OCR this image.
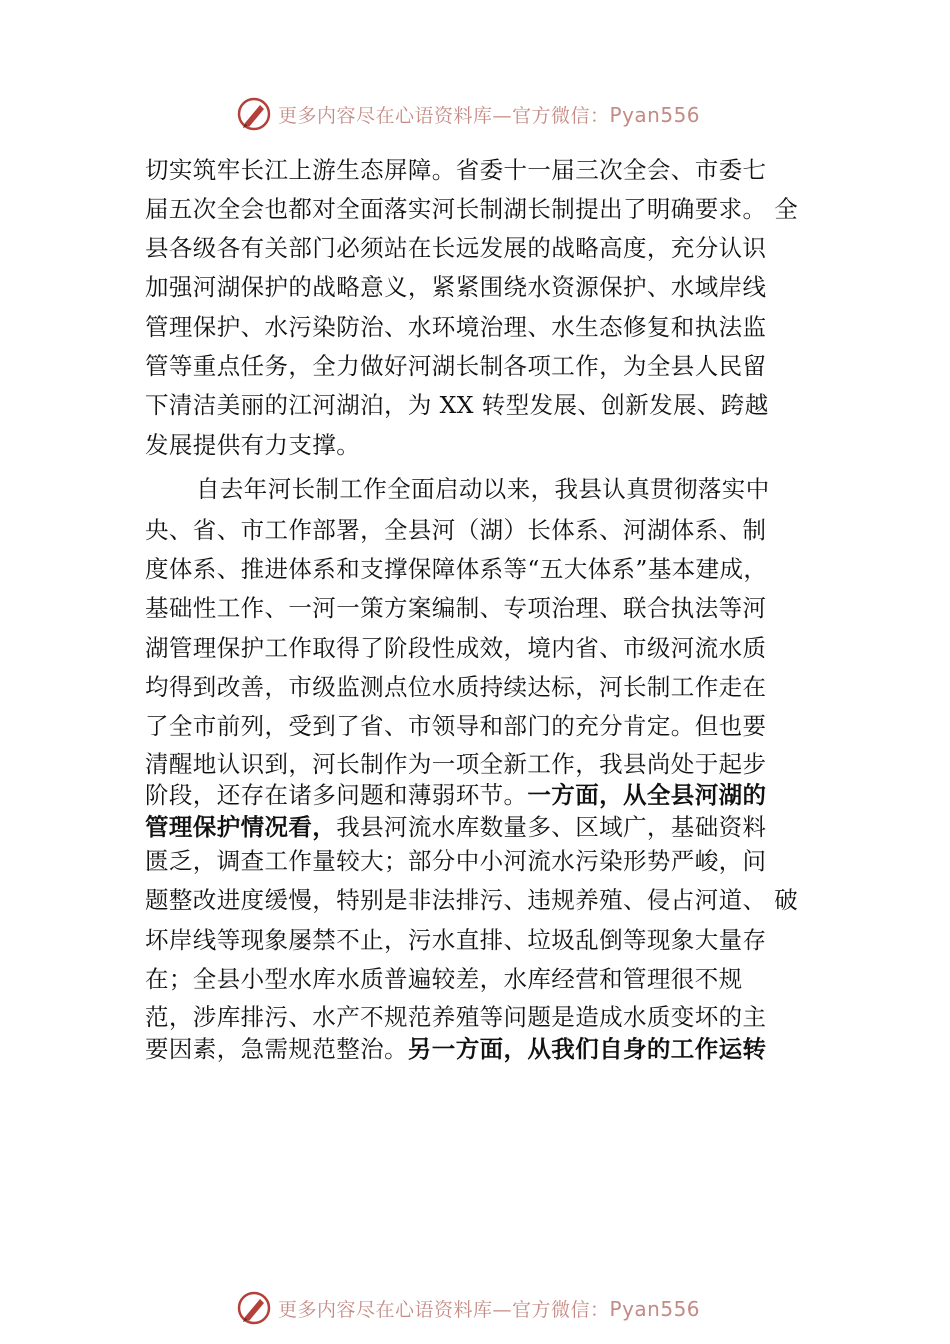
更多内容尽在心语资料库—官方微信：Pyan556
切实筑牢长江上游生态屏障。省委十一届三次全会、市委七
届五次全会也都对全面落实河长制湖长制提出了明确要求。 全
县各级各有关部门必须站在长远发展的战略高度，充分认识
加强河湖保护的战略意义，紧紧围绕水资源保护、水域岸线
管理保护、水污染防治、水环境治理、水生态修复和执法监
管等重点任务，全力做好河湖长制各项工作，为全县人民留
下清洁美丽的江河湖泊，为 XX 转型发展、创新发展、跨越
发展提供有力支撑。
自去年河长制工作全面启动以来，我县认真贯彻落实中
央、省、市工作部署，全县河（湖）长体系、河湖体系、制
度体系、推进体系和支撑保障体系等“五大体系”基本建成，
基础性工作、一河一策方案编制、专项治理、联合执法等河
湖管理保护工作取得了阶段性成效，境内省、市级河流水质
均得到改善，市级监测点位水质持续达标，河长制工作走在
了全市前列，受到了省、市领导和部门的充分肯定。但也要
清醒地认识到，河长制作为一项全新工作，我县尚处于起步
阶段，还存在诸多问题和薄弱环节。一方面，从全县河湖的
管理保护情况看，我县河流水库数量多、区域广，基础资料
匮乏，调查工作量较大；部分中小河流水污染形势严峻，问
题整改进度缓慢，特别是非法排污、违规养殖、侵占河道、 破
坏岸线等现象屡禁不止，污水直排、垃圾乱倒等现象大量存
在；全县小型水库水质普遍较差，水库经营和管理很不规
范，涉库排污、水产不规范养殖等问题是造成水质变坏的主
要因素，急需规范整治。另一方面，从我们自身的工作运转
更多内容尽在心语资料库—官方微信：Pyan556
